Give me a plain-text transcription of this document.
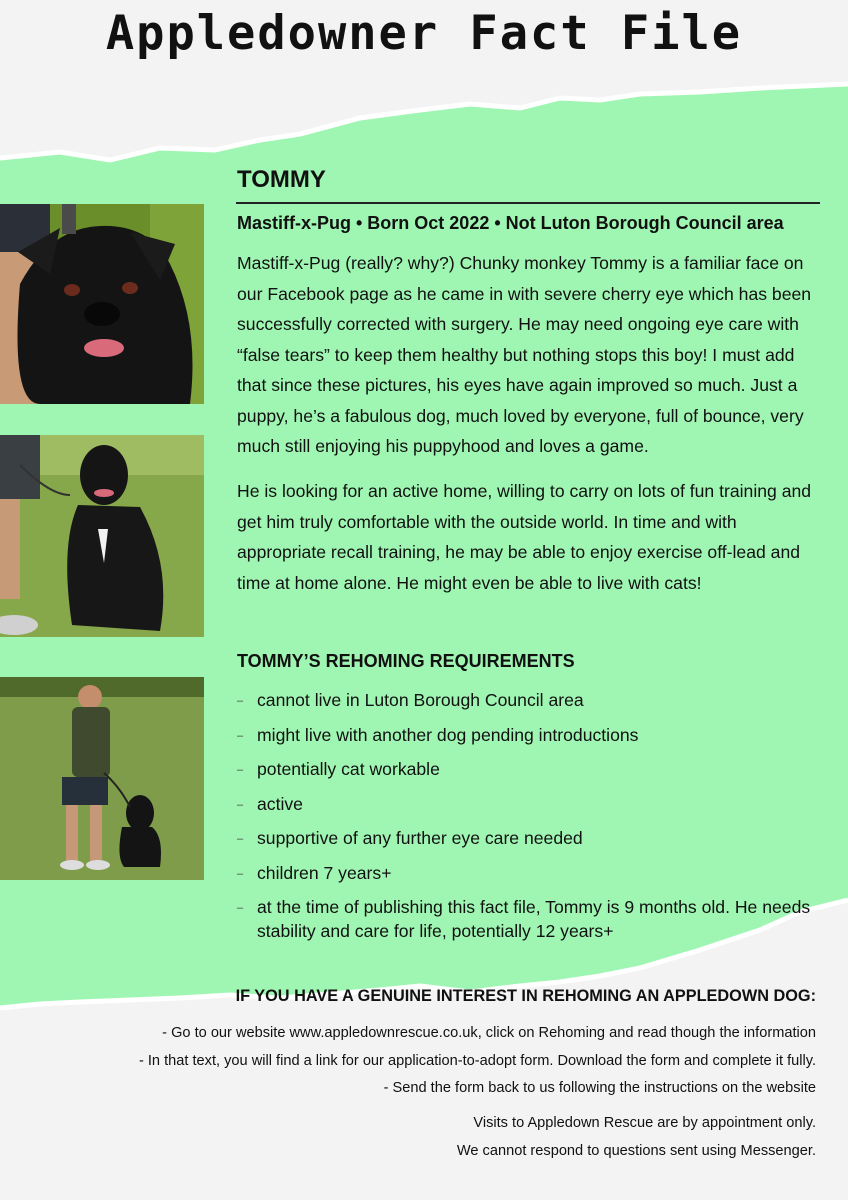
Appledowner Fact File
TOMMY
Mastiff-x-Pug • Born Oct 2022 • Not Luton Borough Council area

Mastiff-x-Pug (really? why?) Chunky monkey Tommy is a familiar face on our Facebook page as he came in with severe cherry eye which has been successfully corrected with surgery. He may need ongoing eye care with “false tears” to keep them healthy but nothing stops this boy! I must add that since these pictures, his eyes have again improved so much. Just a puppy, he’s a fabulous dog, much loved by everyone, full of bounce, very much still enjoying his puppyhood and loves a game.

He is looking for an active home, willing to carry on lots of fun training and get him truly comfortable with the outside world. In time and with appropriate recall training, he may be able to enjoy exercise off-lead and time at home alone. He might even be able to live with cats!

TOMMY’S REHOMING REQUIREMENTS
– cannot live in Luton Borough Council area
– might live with another dog pending introductions
– potentially cat workable
– active
– supportive of any further eye care needed
– children 7 years+
– at the time of publishing this fact file, Tommy is 9 months old. He needs stability and care for life, potentially 12 years+
IF YOU HAVE A GENUINE INTEREST IN REHOMING AN APPLEDOWN DOG:
- Go to our website www.appledownrescue.co.uk, click on Rehoming and read though the information
- In that text, you will find a link for our application-to-adopt form. Download the form and complete it fully.
- Send the form back to us following the instructions on the website
Visits to Appledown Rescue are by appointment only.
We cannot respond to questions sent using Messenger.
